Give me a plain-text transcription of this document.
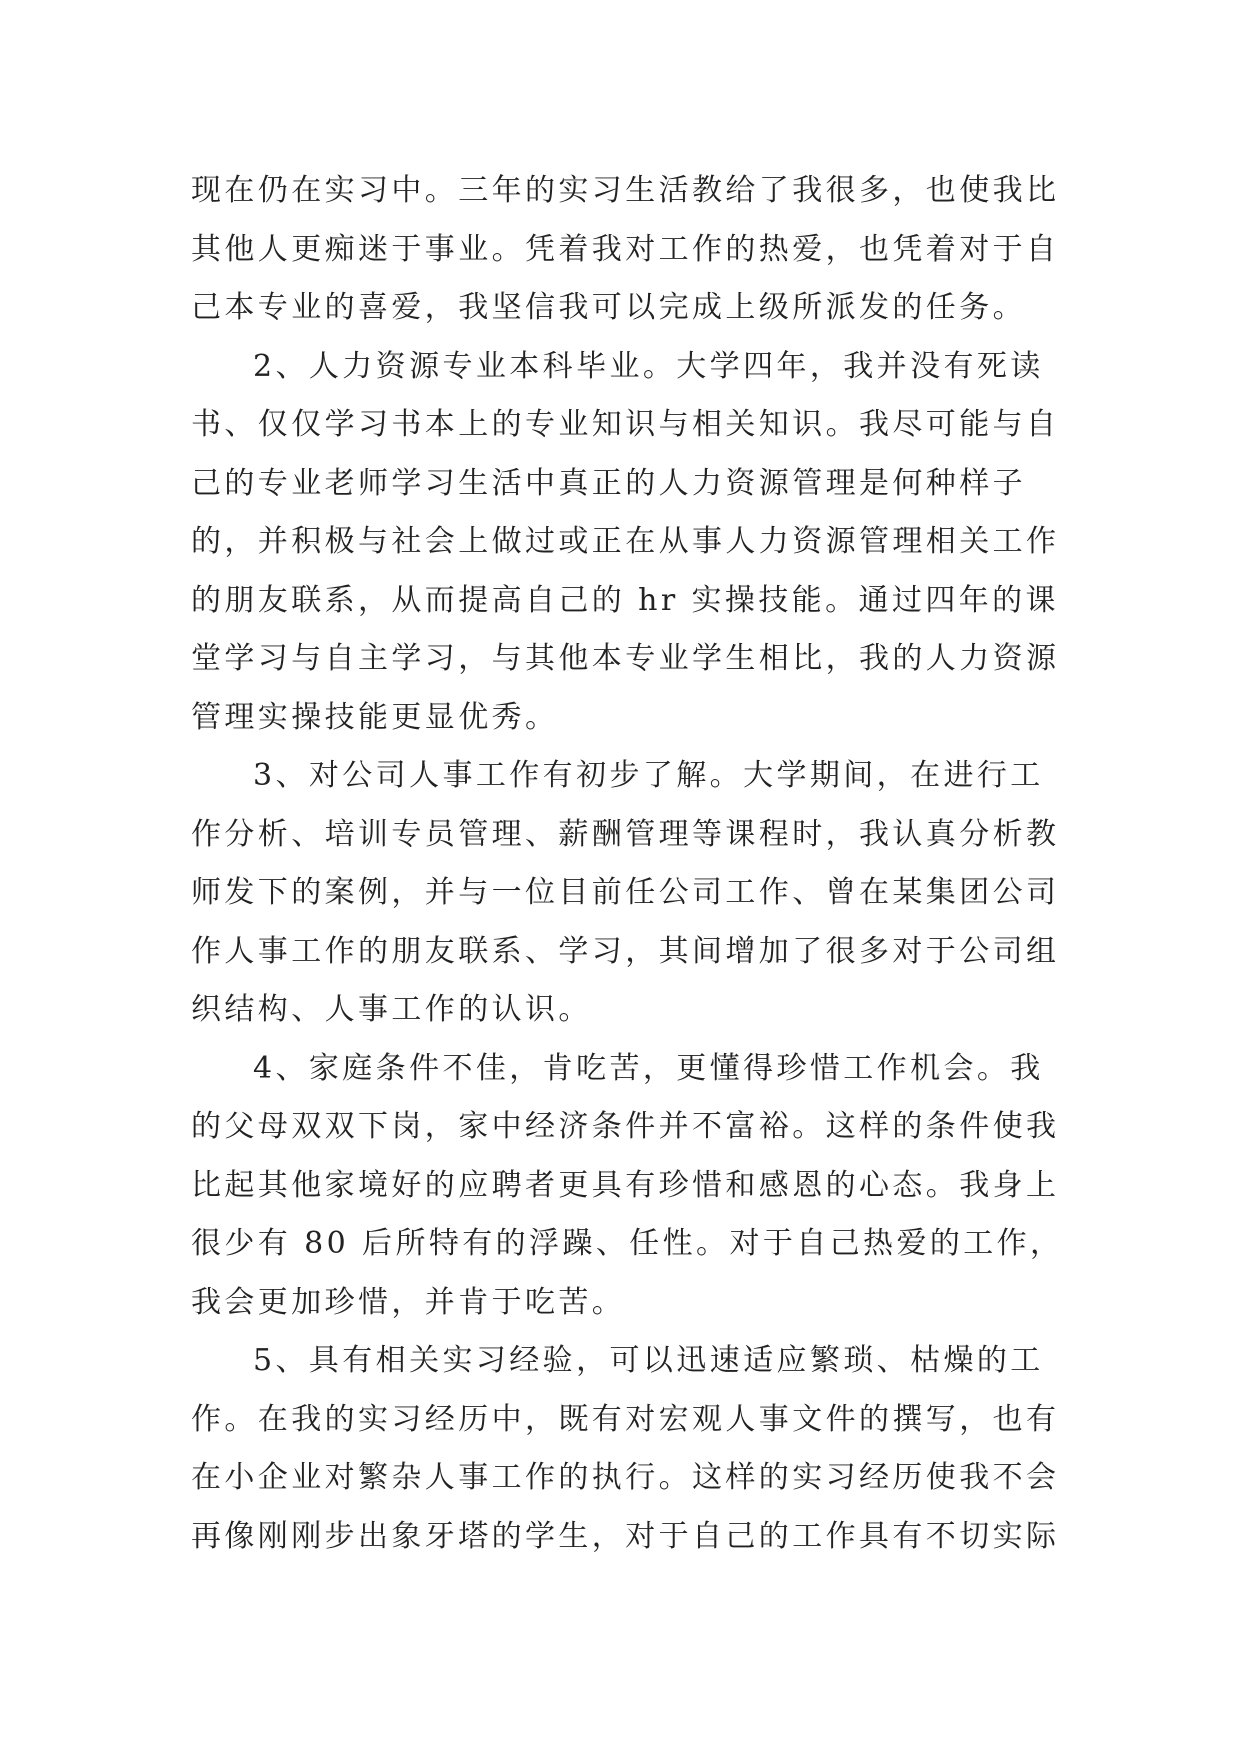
现在仍在实习中。三年的实习生活教给了我很多，也使我比
其他人更痴迷于事业。凭着我对工作的热爱，也凭着对于自
己本专业的喜爱，我坚信我可以完成上级所派发的任务。
2、人力资源专业本科毕业。大学四年，我并没有死读
书、仅仅学习书本上的专业知识与相关知识。我尽可能与自
己的专业老师学习生活中真正的人力资源管理是何种样子
的，并积极与社会上做过或正在从事人力资源管理相关工作
的朋友联系，从而提高自己的 hr 实操技能。通过四年的课
堂学习与自主学习，与其他本专业学生相比，我的人力资源
管理实操技能更显优秀。
3、对公司人事工作有初步了解。大学期间，在进行工
作分析、培训专员管理、薪酬管理等课程时，我认真分析教
师发下的案例，并与一位目前任公司工作、曾在某集团公司
作人事工作的朋友联系、学习，其间增加了很多对于公司组
织结构、人事工作的认识。
4、家庭条件不佳，肯吃苦，更懂得珍惜工作机会。我
的父母双双下岗，家中经济条件并不富裕。这样的条件使我
比起其他家境好的应聘者更具有珍惜和感恩的心态。我身上
很少有 80 后所特有的浮躁、任性。对于自己热爱的工作，
我会更加珍惜，并肯于吃苦。
5、具有相关实习经验，可以迅速适应繁琐、枯燥的工
作。在我的实习经历中，既有对宏观人事文件的撰写，也有
在小企业对繁杂人事工作的执行。这样的实习经历使我不会
再像刚刚步出象牙塔的学生，对于自己的工作具有不切实际
